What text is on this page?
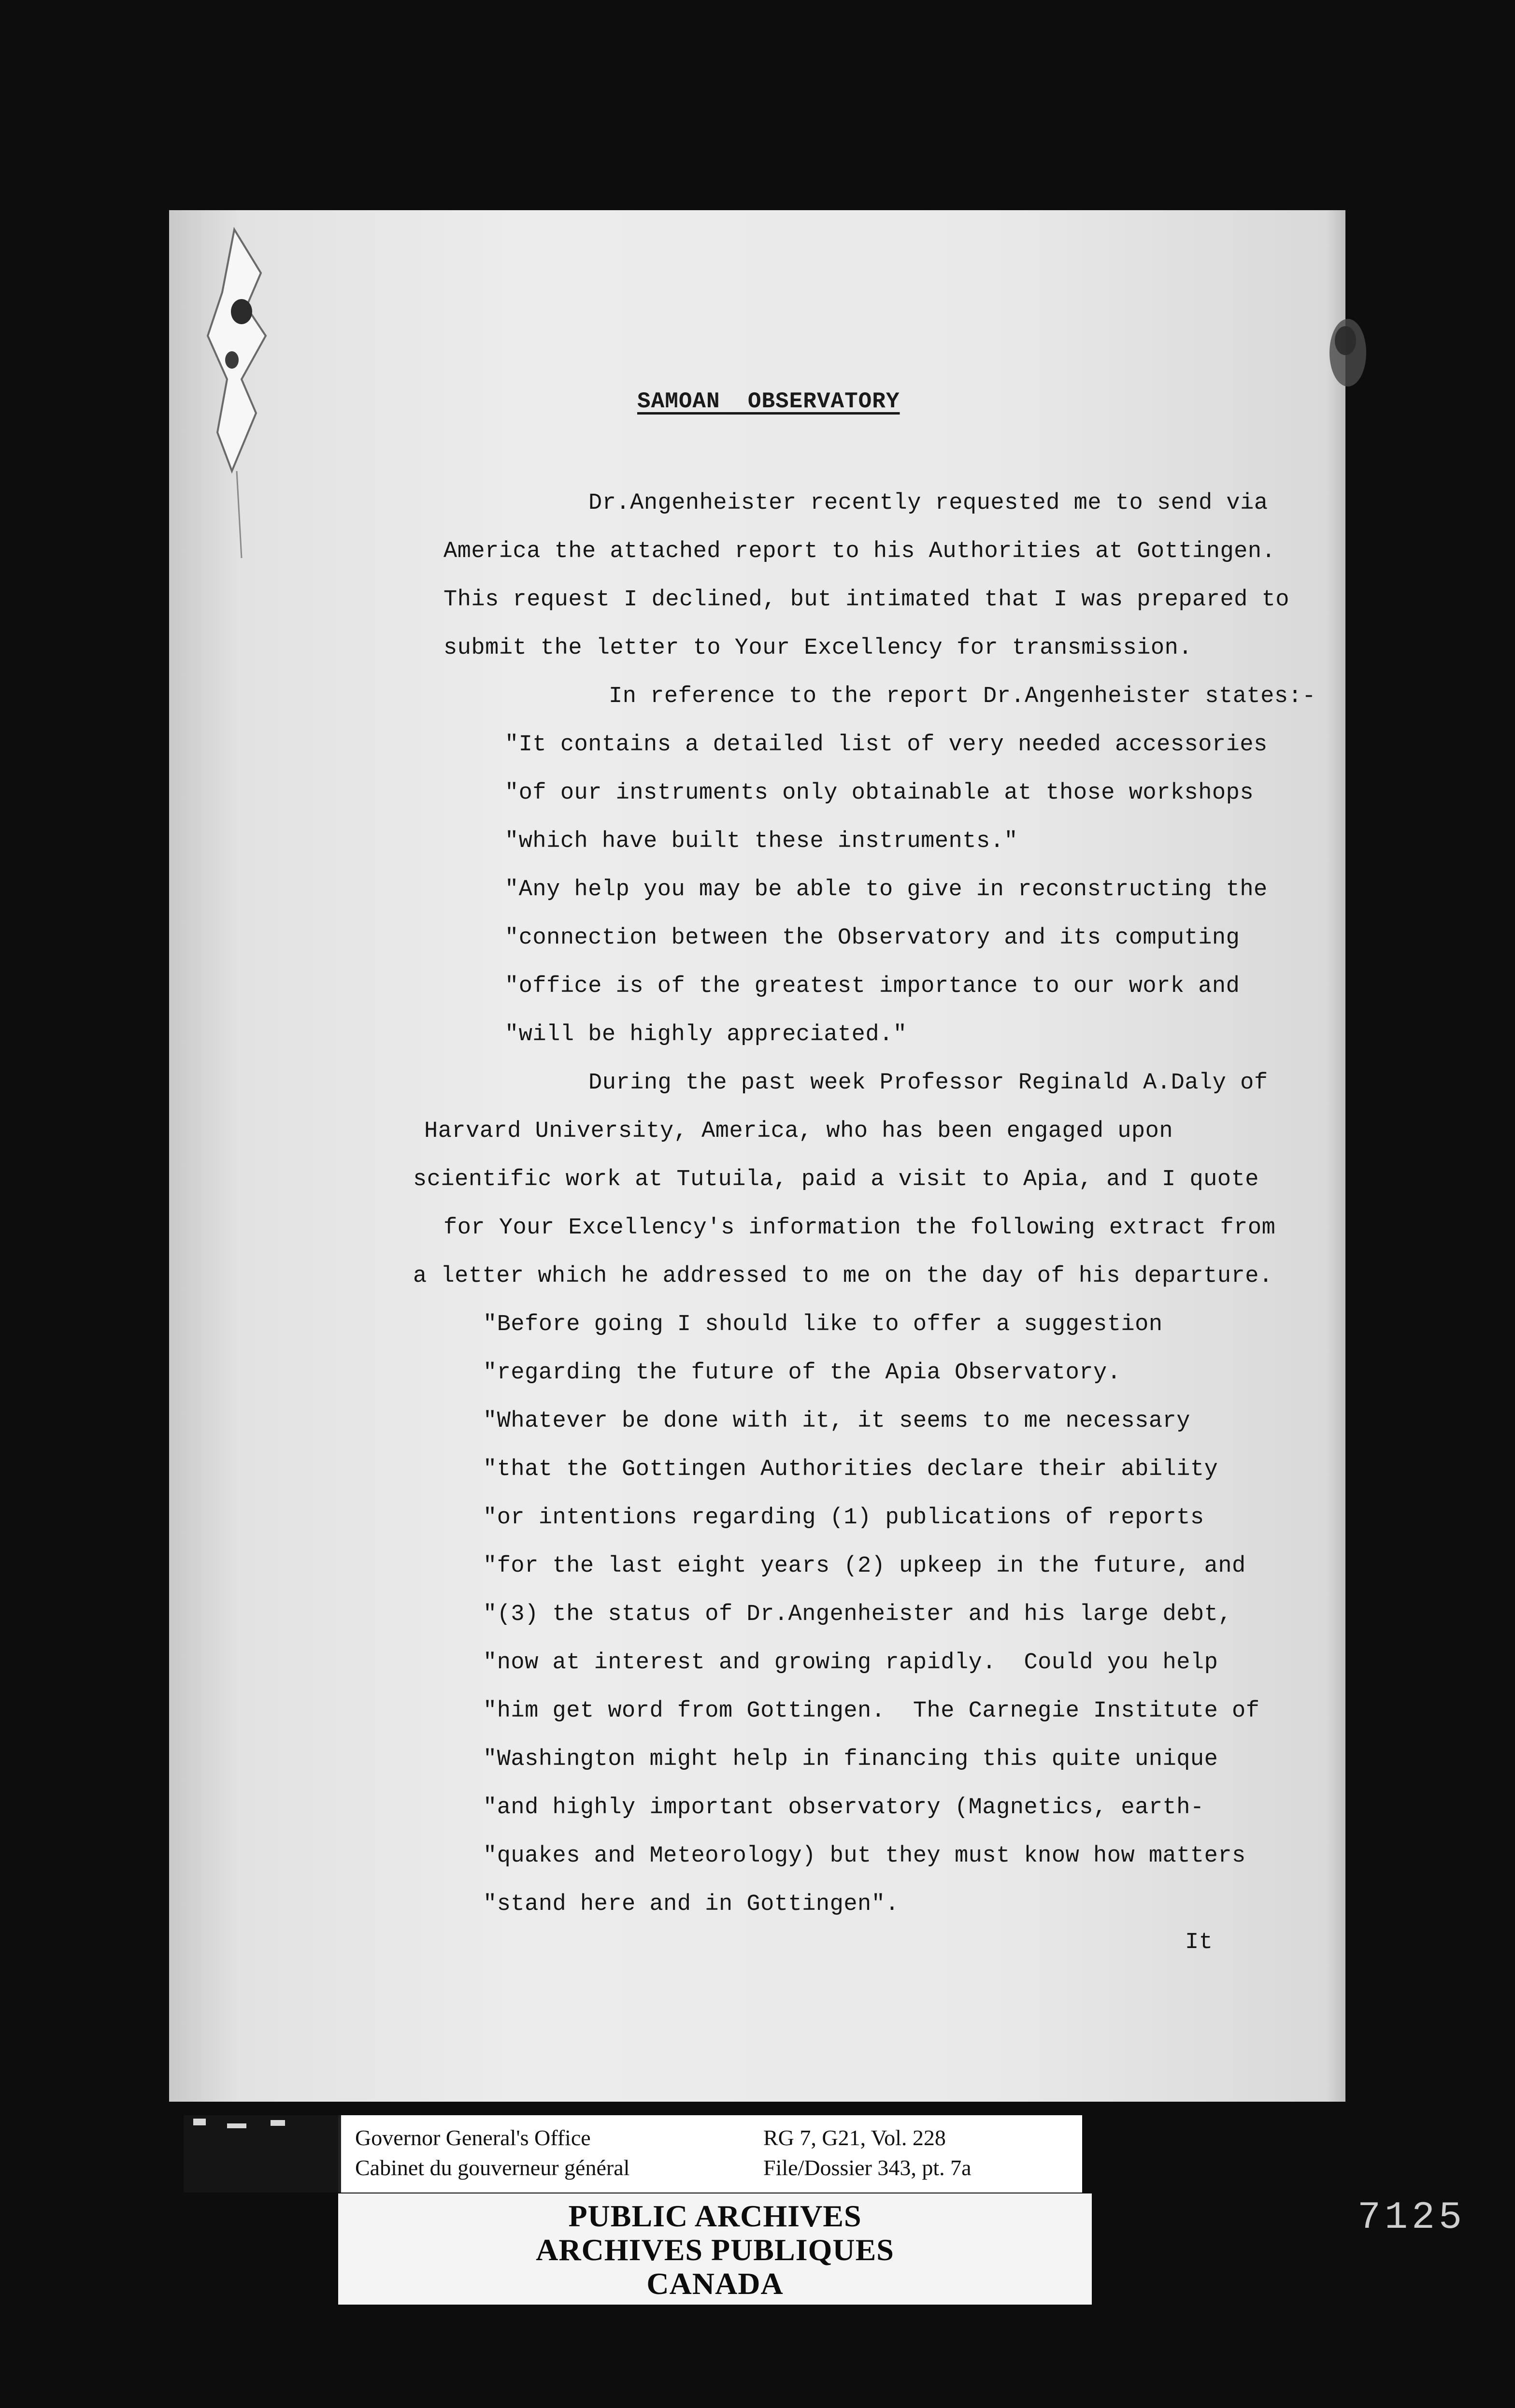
SAMOAN  OBSERVATORY
Dr.Angenheister recently requested me to send via
America the attached report to his Authorities at Gottingen.
This request I declined, but intimated that I was prepared to
submit the letter to Your Excellency for transmission.
In reference to the report Dr.Angenheister states:-
"It contains a detailed list of very needed accessories
"of our instruments only obtainable at those workshops
"which have built these instruments."
"Any help you may be able to give in reconstructing the
"connection between the Observatory and its computing
"office is of the greatest importance to our work and
"will be highly appreciated."
During the past week Professor Reginald A.Daly of
Harvard University, America, who has been engaged upon
scientific work at Tutuila, paid a visit to Apia, and I quote
for Your Excellency's information the following extract from
a letter which he addressed to me on the day of his departure.
"Before going I should like to offer a suggestion
"regarding the future of the Apia Observatory.
"Whatever be done with it, it seems to me necessary
"that the Gottingen Authorities declare their ability
"or intentions regarding (1) publications of reports
"for the last eight years (2) upkeep in the future, and
"(3) the status of Dr.Angenheister and his large debt,
"now at interest and growing rapidly.  Could you help
"him get word from Gottingen.  The Carnegie Institute of
"Washington might help in financing this quite unique
"and highly important observatory (Magnetics, earth-
"quakes and Meteorology) but they must know how matters
"stand here and in Gottingen".
It
Governor General's Office
Cabinet du gouverneur général
RG 7, G21, Vol. 228
File/Dossier 343, pt. 7a
PUBLIC ARCHIVES
ARCHIVES PUBLIQUES
CANADA
7125
